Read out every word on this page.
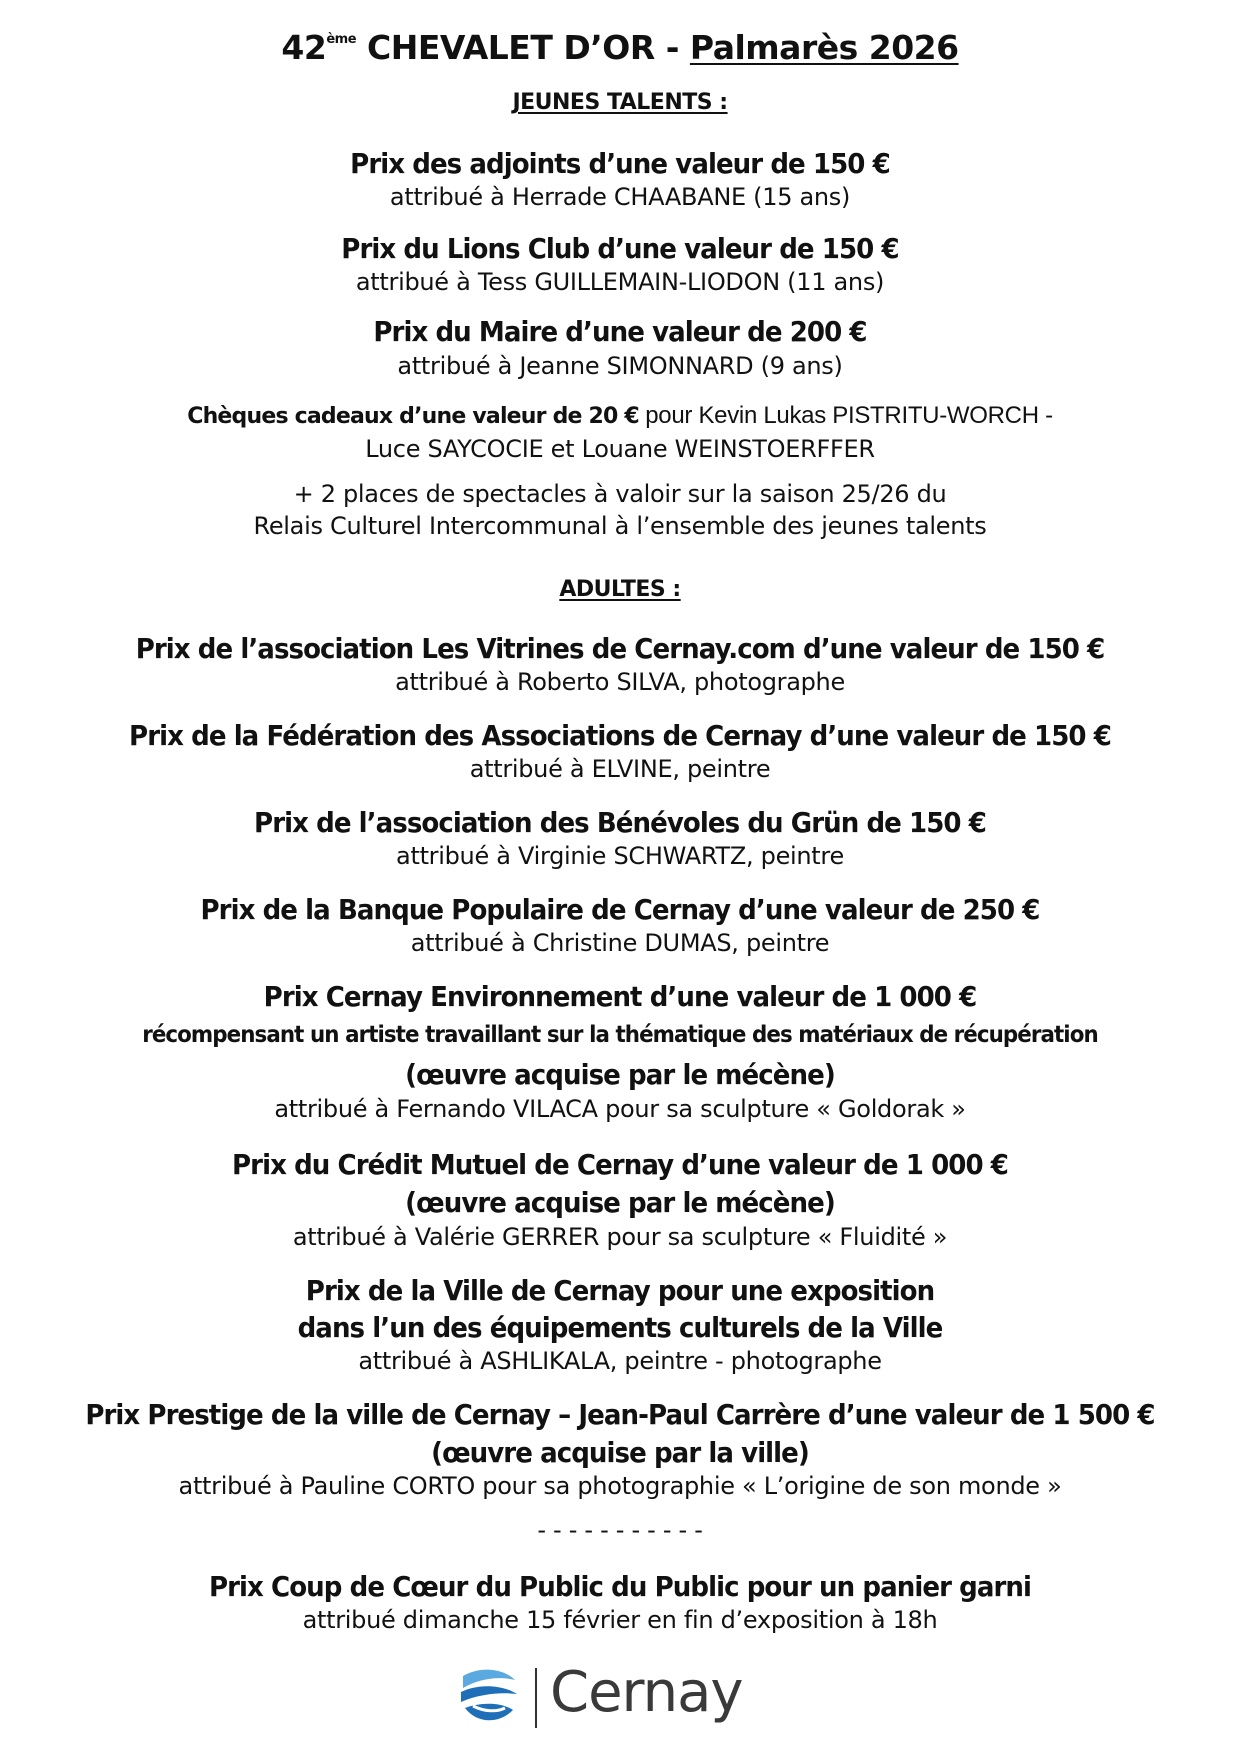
42ème CHEVALET D’OR - Palmarès 2026
JEUNES TALENTS :
Prix des adjoints d’une valeur de 150 €
attribué à Herrade CHAABANE (15 ans)
Prix du Lions Club d’une valeur de 150 €
attribué à Tess GUILLEMAIN-LIODON (11 ans)
Prix du Maire d’une valeur de 200 €
attribué à Jeanne SIMONNARD (9 ans)
Chèques cadeaux d’une valeur de 20 € pour Kevin Lukas PISTRITU-WORCH -
Luce SAYCOCIE et Louane WEINSTOERFFER
+ 2 places de spectacles à valoir sur la saison 25/26 du
Relais Culturel Intercommunal à l’ensemble des jeunes talents
ADULTES :
Prix de l’association Les Vitrines de Cernay.com d’une valeur de 150 €
attribué à Roberto SILVA, photographe
Prix de la Fédération des Associations de Cernay d’une valeur de 150 €
attribué à ELVINE, peintre
Prix de l’association des Bénévoles du Grün de 150 €
attribué à Virginie SCHWARTZ, peintre
Prix de la Banque Populaire de Cernay d’une valeur de 250 €
attribué à Christine DUMAS, peintre
Prix Cernay Environnement d’une valeur de 1 000 €
récompensant un artiste travaillant sur la thématique des matériaux de récupération
(œuvre acquise par le mécène)
attribué à Fernando VILACA pour sa sculpture « Goldorak »
Prix du Crédit Mutuel de Cernay d’une valeur de 1 000 €
(œuvre acquise par le mécène)
attribué à Valérie GERRER pour sa sculpture « Fluidité »
Prix de la Ville de Cernay pour une exposition
dans l’un des équipements culturels de la Ville
attribué à ASHLIKALA, peintre - photographe
Prix Prestige de la ville de Cernay – Jean-Paul Carrère d’une valeur de 1 500 €
(œuvre acquise par la ville)
attribué à Pauline CORTO pour sa photographie « L’origine de son monde »
- - - - - - - - - - -
Prix Coup de Cœur du Public du Public pour un panier garni
attribué dimanche 15 février en fin d’exposition à 18h
Cernay
